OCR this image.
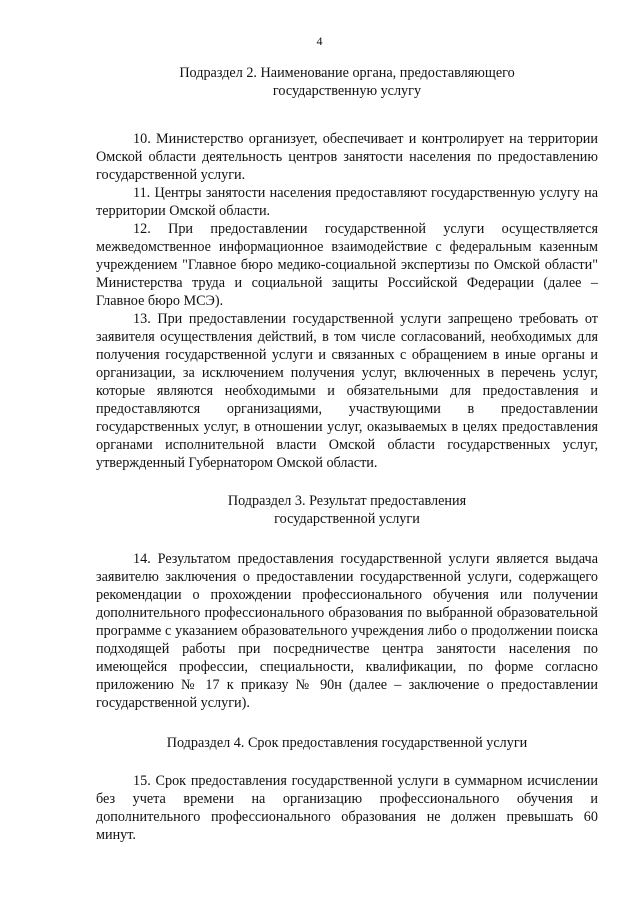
4
Подраздел 2. Наименование органа, предоставляющего
государственную услугу

10. Министерство организует, обеспечивает и контролирует на территории Омской области деятельность центров занятости населения по предоставлению государственной услуги.

11. Центры занятости населения предоставляют государственную услугу на территории Омской области.

12. При предоставлении государственной услуги осуществляется межведомственное информационное взаимодействие с федеральным казенным учреждением "Главное бюро медико-социальной экспертизы по Омской области" Министерства труда и социальной защиты Российской Федерации (далее – Главное бюро МСЭ).

13. При предоставлении государственной услуги запрещено требовать от заявителя осуществления действий, в том числе согласований, необходимых для получения государственной услуги и связанных с обращением в иные органы и организации, за исключением получения услуг, включенных в перечень услуг, которые являются необходимыми и обязательными для предоставления и предоставляются организациями, участвующими в предоставлении государственных услуг, в отношении услуг, оказываемых в целях предоставления органами исполнительной власти Омской области государственных услуг, утвержденный Губернатором Омской области.

Подраздел 3. Результат предоставления
государственной услуги

14. Результатом предоставления государственной услуги является выдача заявителю заключения о предоставлении государственной услуги, содержащего рекомендации о прохождении профессионального обучения или получении дополнительного профессионального образования по выбранной образовательной программе с указанием образовательного учреждения либо о продолжении поиска подходящей работы при посредничестве центра занятости населения по имеющейся профессии, специальности, квалификации, по форме согласно приложению № 17 к приказу № 90н (далее – заключение о предоставлении государственной услуги).

Подраздел 4. Срок предоставления государственной услуги

15. Срок предоставления государственной услуги в суммарном исчислении без учета времени на организацию профессионального обучения и дополнительного профессионального образования не должен превышать 60 минут.
